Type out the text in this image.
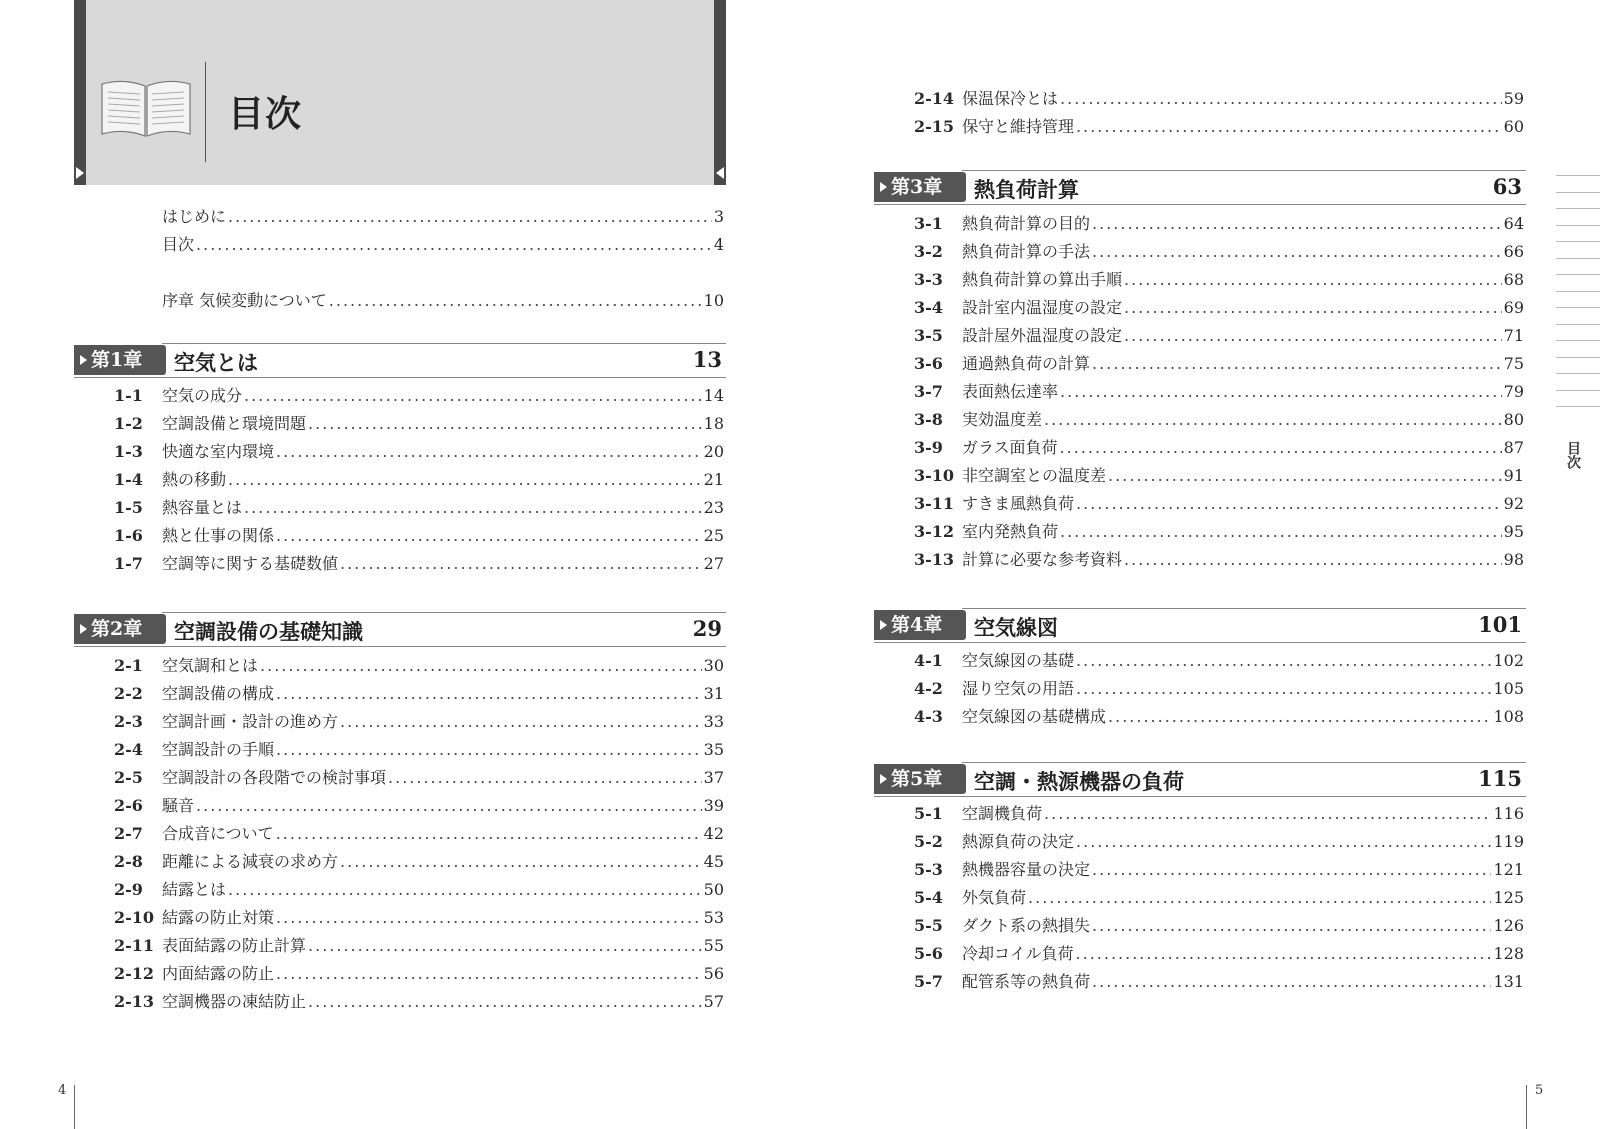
目次
はじめに .....	3
目次 .....	4
序章 気候変動について .....	10
第1章	空気とは	13
1-1	空気の成分 .....	14
1-2	空調設備と環境問題 .....	18
1-3	快適な室内環境 .....	20
1-4	熱の移動 .....	21
1-5	熱容量とは .....	23
1-6	熱と仕事の関係 .....	25
1-7	空調等に関する基礎数値 .....	27
第2章	空調設備の基礎知識	29
2-1	空気調和とは .....	30
2-2	空調設備の構成 .....	31
2-3	空調計画・設計の進め方 .....	33
2-4	空調設計の手順 .....	35
2-5	空調設計の各段階での検討事項 .....	37
2-6	騒音 .....	39
2-7	合成音について .....	42
2-8	距離による減衰の求め方 .....	45
2-9	結露とは .....	50
2-10 結露の防止対策 .....	53
2-11 表面結露の防止計算 .....	55
2-12 内面結露の防止 .....	56
2-13 空調機器の凍結防止 .....	57
2-14 保温保冷とは .....	59
2-15 保守と維持管理 .....	60
第3章	熱負荷計算	63
3-1	熱負荷計算の目的 .....	64
3-2	熱負荷計算の手法 .....	66
3-3	熱負荷計算の算出手順 .....	68
3-4	設計室内温湿度の設定 .....	69
3-5	設計屋外温湿度の設定 .....	71
3-6	通過熱負荷の計算 .....	75
3-7	表面熱伝達率 .....	79
3-8	実効温度差 .....	80
3-9	ガラス面負荷 .....	87
3-10 非空調室との温度差 .....	91
3-11 すきま風熱負荷 .....	92
3-12 室内発熱負荷 .....	95
3-13 計算に必要な参考資料 .....	98
第4章	空気線図	101
4-1	空気線図の基礎 .....	102
4-2	湿り空気の用語 .....	105
4-3	空気線図の基礎構成 .....	108
第5章	空調・熱源機器の負荷	115
5-1	空調機負荷 .....	116
5-2	熱源負荷の決定 .....	119
5-3	熱機器容量の決定 .....	121
5-4	外気負荷 .....	125
5-5	ダクト系の熱損失 .....	126
5-6	冷却コイル負荷 .....	128
5-7	配管系等の熱負荷 .....	131
目次
4	5
